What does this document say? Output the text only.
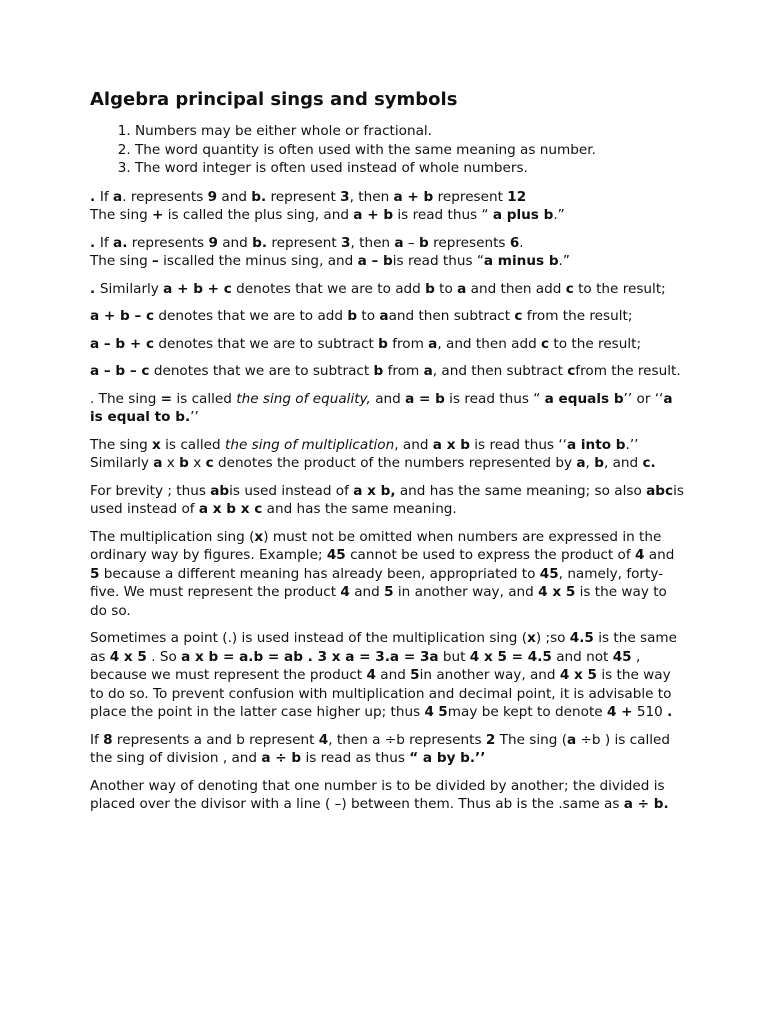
Algebra principal sings and symbols
1. Numbers may be either whole or fractional.
2. The word quantity is often used with the same meaning as number.
3. The word integer is often used instead of whole numbers.

. If a. represents 9 and b. represent 3, then a + b represent 12
The sing + is called the plus sing, and a + b is read thus “ a plus b.”

. If a. represents 9 and b. represent 3, then a – b represents 6.
The sing – iscalled the minus sing, and a – bis read thus “a minus b.”

. Similarly a + b + c denotes that we are to add b to a and then add c to the result;

a + b – c denotes that we are to add b to aand then subtract c from the result;

a – b + c denotes that we are to subtract b from a, and then add c to the result;

a – b – c denotes that we are to subtract b from a, and then subtract cfrom the result.

. The sing = is called the sing of equality, and a = b is read thus “ a equals b’’ or ‘‘a is equal to b.’’

The sing x is called the sing of multiplication, and a x b is read thus ‘‘a into b.’’
Similarly a x b x c denotes the product of the numbers represented by a, b, and c.

For brevity ; thus abis used instead of a x b, and has the same meaning; so also abcis used instead of a x b x c and has the same meaning.

The multiplication sing (x) must not be omitted when numbers are expressed in the ordinary way by figures. Example; 45 cannot be used to express the product of 4 and 5 because a different meaning has already been, appropriated to 45, namely, forty-five. We must represent the product 4 and 5 in another way, and 4 x 5 is the way to do so.

Sometimes a point (.) is used instead of the multiplication sing (x) ;so 4.5 is the same as 4 x 5 . So a x b = a.b = ab . 3 x a = 3.a = 3a but 4 x 5 = 4.5 and not 45 , because we must represent the product 4 and 5in another way, and 4 x 5 is the way to do so. To prevent confusion with multiplication and decimal point, it is advisable to place the point in the latter case higher up; thus 4 5may be kept to denote 4 + 510 .

If 8 represents a and b represent 4, then a ÷b represents 2 The sing (a ÷b ) is called the sing of division , and a ÷ b is read as thus “ a by b.’’

Another way of denoting that one number is to be divided by another; the divided is placed over the divisor with a line ( –) between them. Thus ab is the .same as a ÷ b.
